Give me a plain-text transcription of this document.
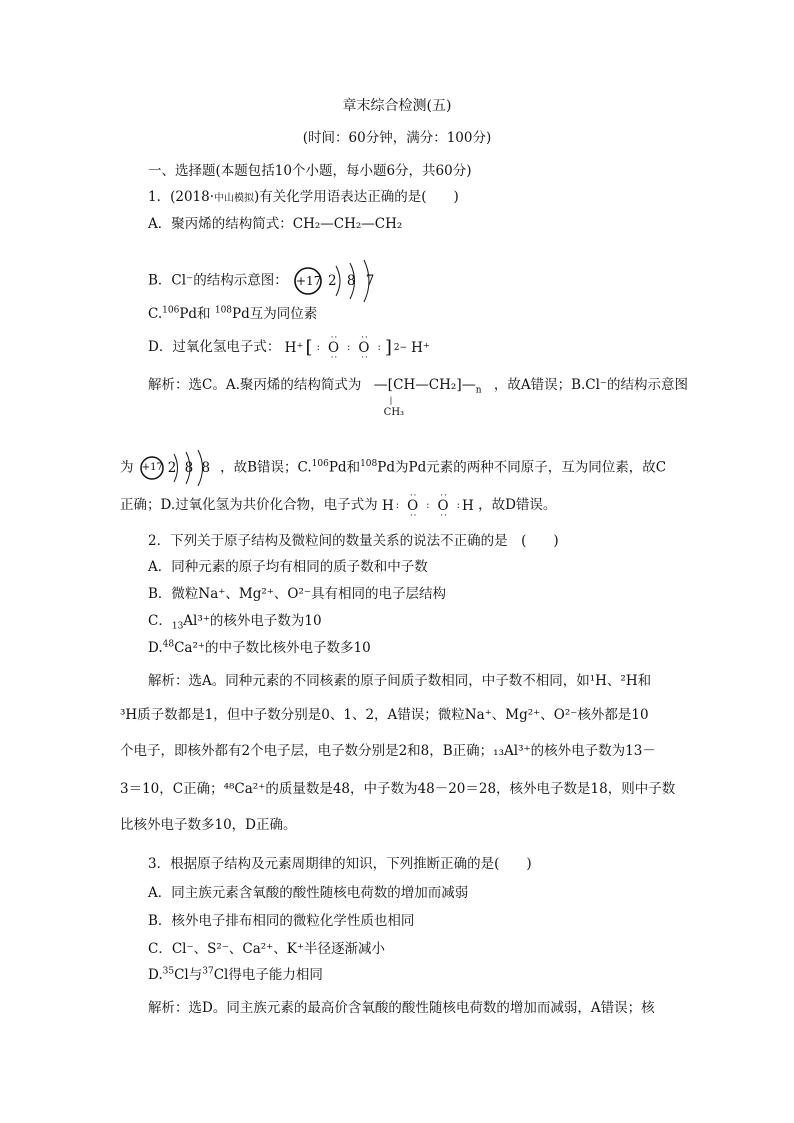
章末综合检测(五)
(时间：60分钟，满分：100分)
一、选择题(本题包括10个小题，每小题6分，共60分)
1．(2018·中山模拟)有关化学用语表达正确的是(　　)
A．聚丙烯的结构简式：CH₂—CH₂—CH₂
B．Cl⁻的结构示意图： +17 2 8 7
C.$^{106}$Pd和 $^{108}$Pd互为同位素
D．过氧化氢电子式： H⁺ [ : · · O · · : · · O · · : ] 2− H⁺
解析：选C。A.聚丙烯的结构简式为 $—[CH—CH_2]—_n$
|
CH₃
，故A错误；B.Cl⁻的结构示意图
为 +17 2 8 8 ，故B错误；C.$^{106}$Pd和$^{108}$Pd为Pd元素的两种不同原子，互为同位素，故C
正确；D.过氧化氢为共价化合物，电子式为 H : · · O · · : · · O · · : H ，故D错误。
2．下列关于原子结构及微粒间的数量关系的说法不正确的是　(　　)
A．同种元素的原子均有相同的质子数和中子数
B．微粒Na⁺、Mg²⁺、O²⁻具有相同的电子层结构
C．$_{13}$Al³⁺的核外电子数为10
D.$^{48}$Ca²⁺的中子数比核外电子数多10
解析：选A。同种元素的不同核素的原子间质子数相同，中子数不相同，如¹H、²H和
³H质子数都是1，但中子数分别是0、1、2，A错误；微粒Na⁺、Mg²⁺、O²⁻核外都是10
个电子，即核外都有2个电子层，电子数分别是2和8，B正确；₁₃Al³⁺的核外电子数为13－
3＝10，C正确；⁴⁸Ca²⁺的质量数是48，中子数为48－20＝28，核外电子数是18，则中子数
比核外电子数多10，D正确。
3．根据原子结构及元素周期律的知识，下列推断正确的是(　　)
A．同主族元素含氧酸的酸性随核电荷数的增加而减弱
B．核外电子排布相同的微粒化学性质也相同
C．Cl⁻、S²⁻、Ca²⁺、K⁺半径逐渐减小
D.$^{35}$Cl与$^{37}$Cl得电子能力相同
解析：选D。同主族元素的最高价含氧酸的酸性随核电荷数的增加而减弱，A错误；核
